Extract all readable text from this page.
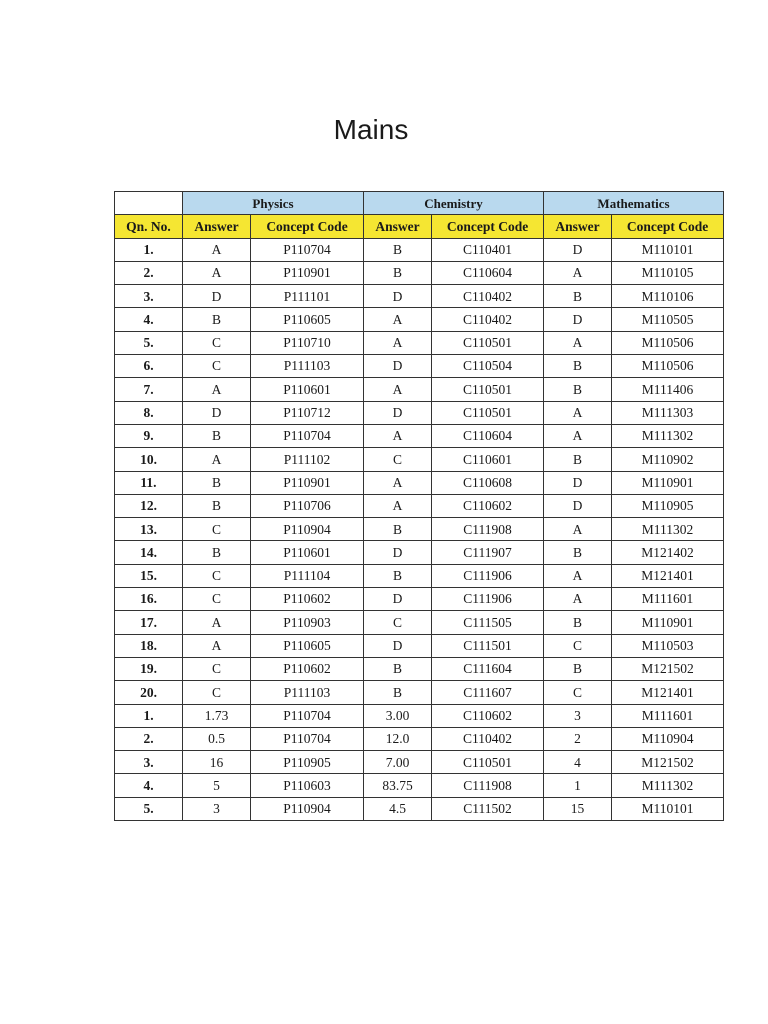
Mains
	Physics		Chemistry		Mathematics	
Qn. No.	Answer	Concept Code	Answer	Concept Code	Answer	Concept Code
1.	A	P110704	B	C110401	D	M110101
2.	A	P110901	B	C110604	A	M110105
3.	D	P111101	D	C110402	B	M110106
4.	B	P110605	A	C110402	D	M110505
5.	C	P110710	A	C110501	A	M110506
6.	C	P111103	D	C110504	B	M110506
7.	A	P110601	A	C110501	B	M111406
8.	D	P110712	D	C110501	A	M111303
9.	B	P110704	A	C110604	A	M111302
10.	A	P111102	C	C110601	B	M110902
11.	B	P110901	A	C110608	D	M110901
12.	B	P110706	A	C110602	D	M110905
13.	C	P110904	B	C111908	A	M111302
14.	B	P110601	D	C111907	B	M121402
15.	C	P111104	B	C111906	A	M121401
16.	C	P110602	D	C111906	A	M111601
17.	A	P110903	C	C111505	B	M110901
18.	A	P110605	D	C111501	C	M110503
19.	C	P110602	B	C111604	B	M121502
20.	C	P111103	B	C111607	C	M121401
1.	1.73	P110704	3.00	C110602	3	M111601
2.	0.5	P110704	12.0	C110402	2	M110904
3.	16	P110905	7.00	C110501	4	M121502
4.	5	P110603	83.75	C111908	1	M111302
5.	3	P110904	4.5	C111502	15	M110101
